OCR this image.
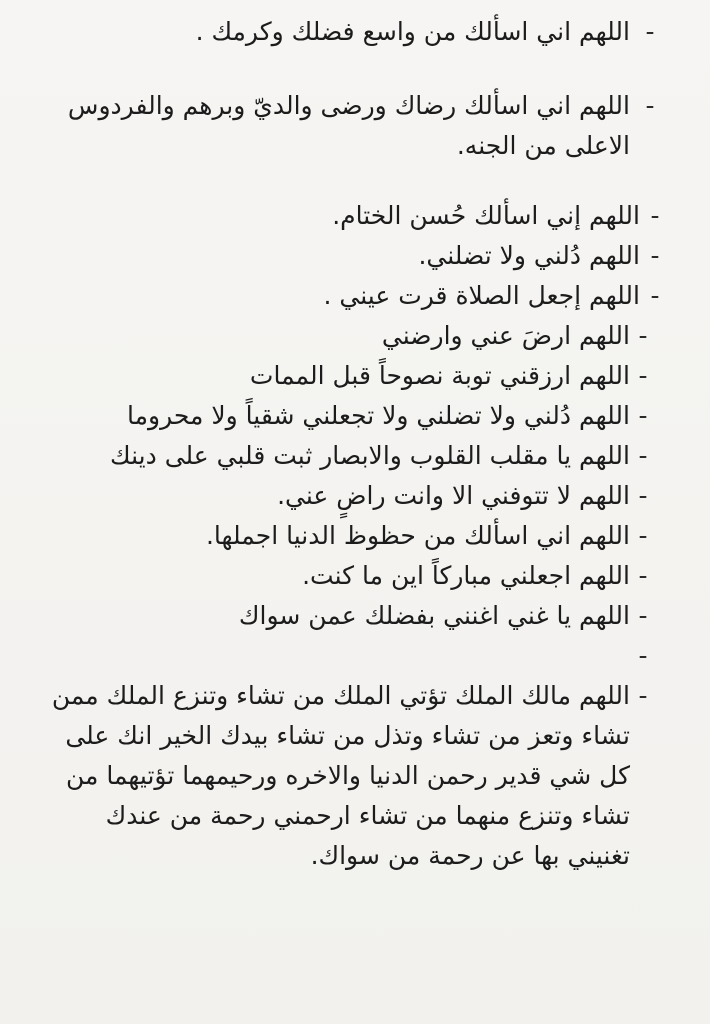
-
اللهم اني اسألك من واسع فضلك وكرمك .
-
اللهم اني اسألك رضاك ورضى والديّ وبرهم والفردوس الاعلى من الجنه.
-
اللهم إني اسألك حُسن الختام.
-
اللهم دُلني ولا تضلني.
-
اللهم إجعل الصلاة قرت عيني .
-
اللهم ارضَ عني وارضني
-
اللهم ارزقني توبة نصوحاً قبل الممات
-
اللهم دُلني ولا تضلني ولا تجعلني شقياً ولا محروما
-
اللهم يا مقلب القلوب والابصار ثبت قلبي على دينك
-
اللهم لا تتوفني الا وانت راضٍ عني.
-
اللهم اني اسألك من حظوظ الدنيا اجملها.
-
اللهم اجعلني مباركاً اين ما كنت.
-
اللهم يا غني اغنني بفضلك عمن سواك
-
-
اللهم مالك الملك تؤتي الملك من تشاء وتنزع الملك ممن تشاء وتعز من تشاء وتذل من تشاء بيدك الخير انك على كل شي قدير رحمن الدنيا والاخره ورحيمهما تؤتيهما من تشاء وتنزع منهما من تشاء ارحمني رحمة من عندك تغنيني بها عن رحمة من سواك.
